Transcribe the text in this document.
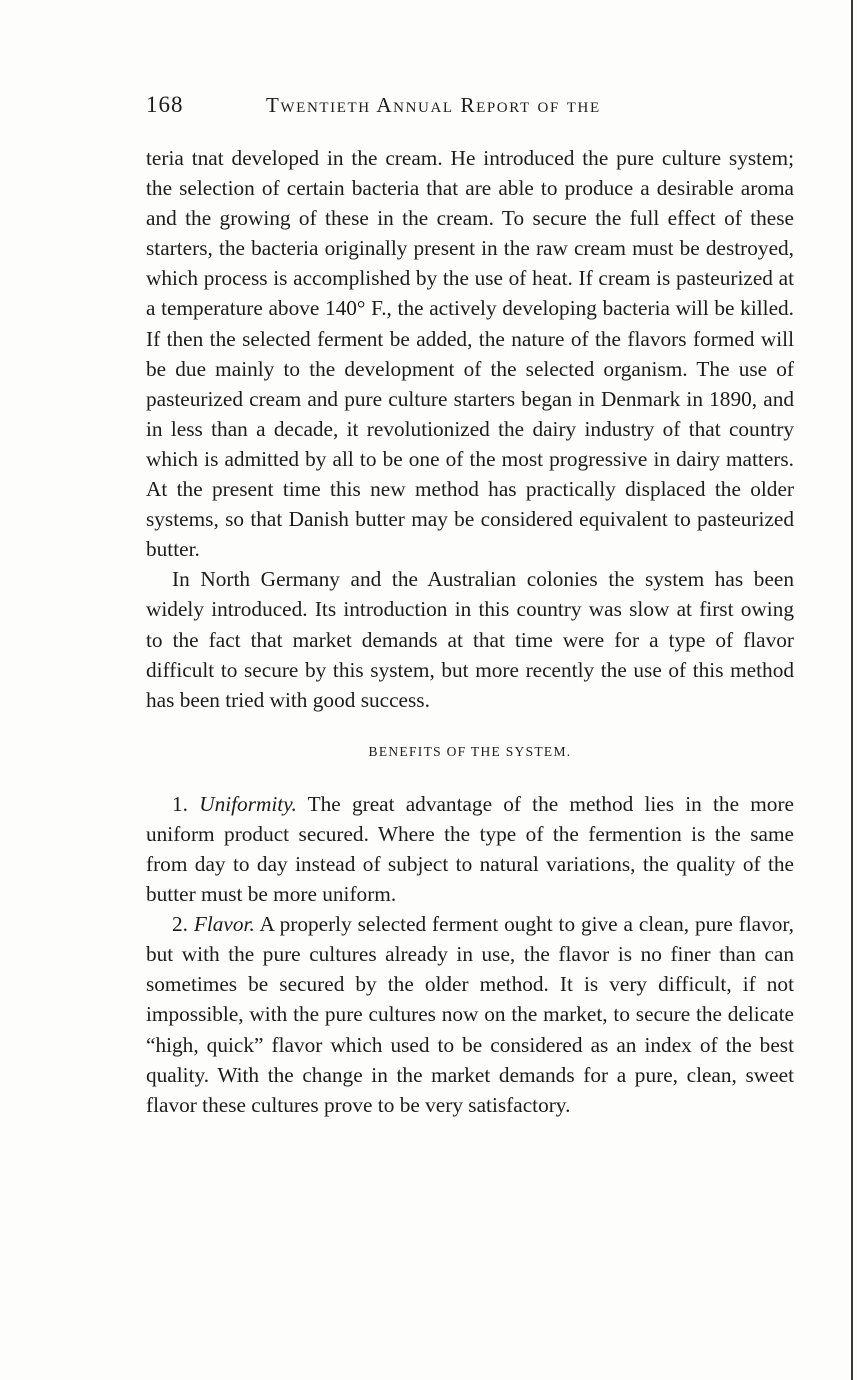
168	Twentieth Annual Report of the

teria tnat developed in the cream. He introduced the pure culture system; the selection of certain bacteria that are able to produce a desirable aroma and the growing of these in the cream. To secure the full effect of these starters, the bacteria originally present in the raw cream must be destroyed, which process is accomplished by the use of heat. If cream is pasteurized at a temperature above 140° F., the actively developing bacteria will be killed. If then the selected ferment be added, the nature of the flavors formed will be due mainly to the development of the selected organism. The use of pasteurized cream and pure culture starters began in Denmark in 1890, and in less than a decade, it revolutionized the dairy industry of that country which is admitted by all to be one of the most progressive in dairy matters. At the present time this new method has practically displaced the older systems, so that Danish butter may be considered equivalent to pasteurized butter.

In North Germany and the Australian colonies the system has been widely introduced. Its introduction in this country was slow at first owing to the fact that market demands at that time were for a type of flavor difficult to secure by this system, but more recently the use of this method has been tried with good success.

BENEFITS OF THE SYSTEM.

1. Uniformity. The great advantage of the method lies in the more uniform product secured. Where the type of the fermention is the same from day to day instead of subject to natural variations, the quality of the butter must be more uniform.

2. Flavor. A properly selected ferment ought to give a clean, pure flavor, but with the pure cultures already in use, the flavor is no finer than can sometimes be secured by the older method. It is very difficult, if not impossible, with the pure cultures now on the market, to secure the delicate “high, quick” flavor which used to be considered as an index of the best quality. With the change in the market demands for a pure, clean, sweet flavor these cultures prove to be very satisfactory.
